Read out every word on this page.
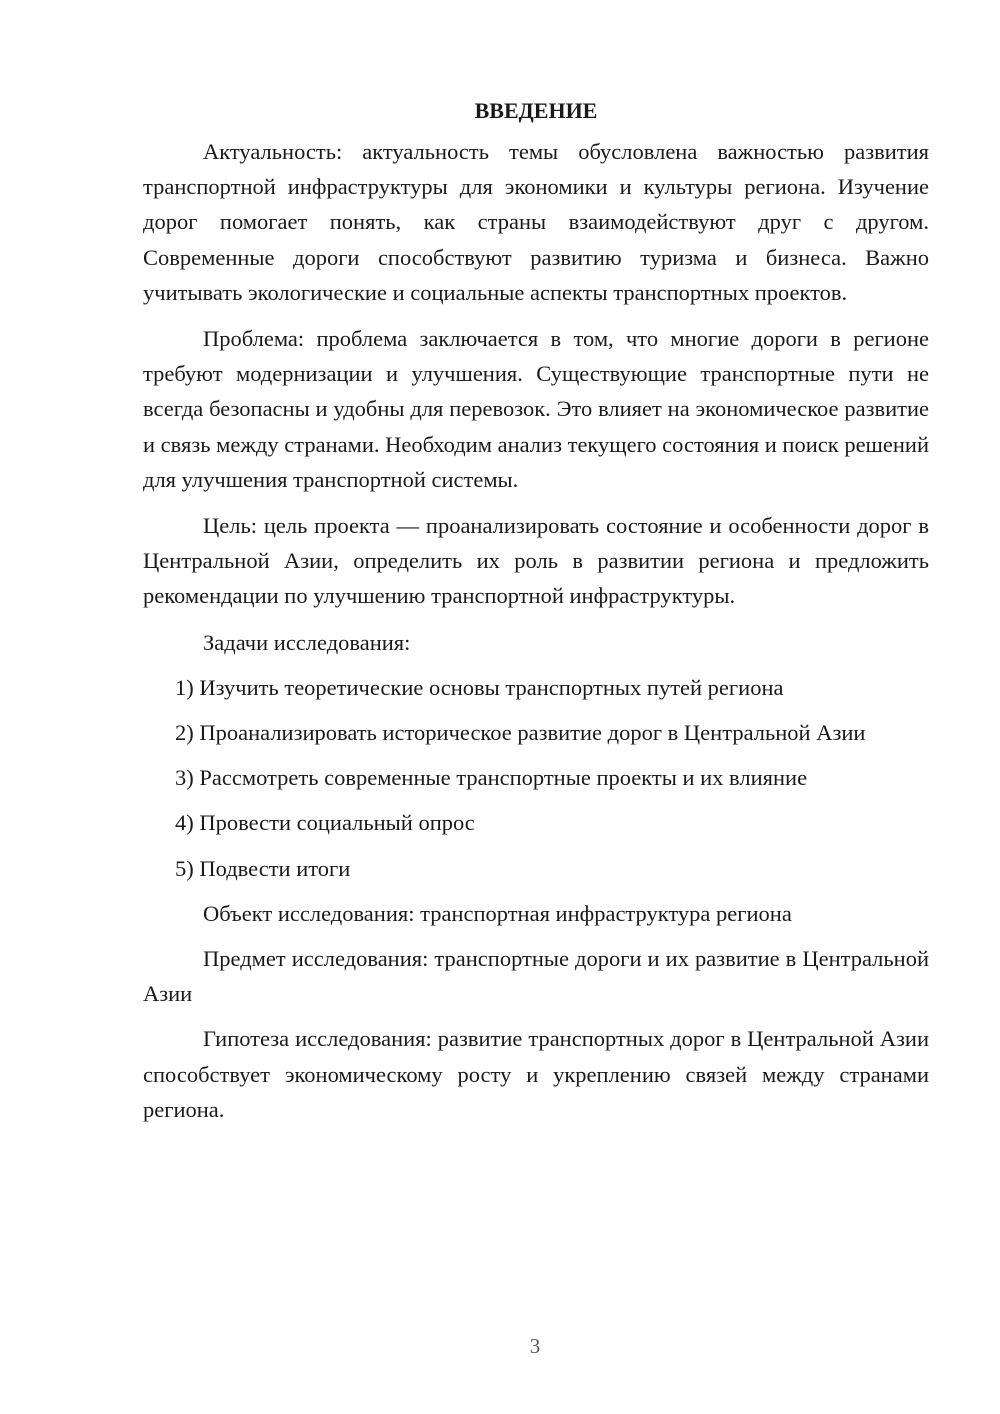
ВВЕДЕНИЕ

Актуальность: актуальность темы обусловлена важностью развития транспортной инфраструктуры для экономики и культуры региона. Изучение дорог помогает понять, как страны взаимодействуют друг с другом. Современные дороги способствуют развитию туризма и бизнеса. Важно учитывать экологические и социальные аспекты транспортных проектов.

Проблема: проблема заключается в том, что многие дороги в регионе требуют модернизации и улучшения. Существующие транспортные пути не всегда безопасны и удобны для перевозок. Это влияет на экономическое развитие и связь между странами. Необходим анализ текущего состояния и поиск решений для улучшения транспортной системы.

Цель: цель проекта — проанализировать состояние и особенности дорог в Центральной Азии, определить их роль в развитии региона и предложить рекомендации по улучшению транспортной инфраструктуры.

Задачи исследования:

1) Изучить теоретические основы транспортных путей региона

2) Проанализировать историческое развитие дорог в Центральной Азии

3) Рассмотреть современные транспортные проекты и их влияние

4) Провести социальный опрос

5) Подвести итоги

Объект исследования: транспортная инфраструктура региона

Предмет исследования: транспортные дороги и их развитие в Центральной Азии

Гипотеза исследования: развитие транспортных дорог в Центральной Азии способствует экономическому росту и укреплению связей между странами региона.

3
